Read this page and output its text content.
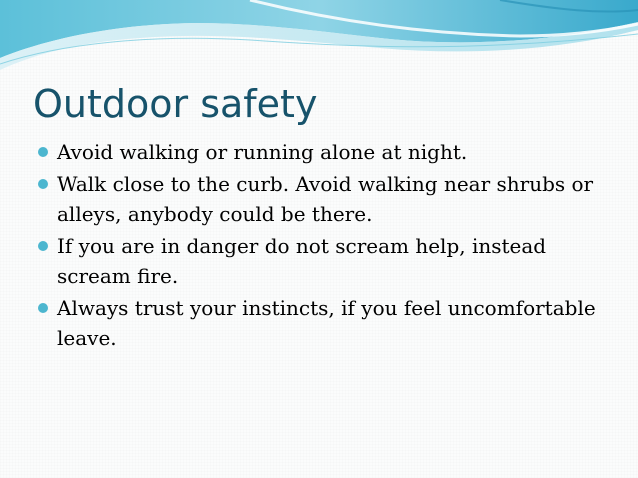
Outdoor safety
Avoid walking or running alone at night.
Walk close to the curb. Avoid walking near shrubs or alleys, anybody could be there.
If you are in danger do not scream help, instead scream fire.
Always trust your instincts, if you feel uncomfortable leave.
